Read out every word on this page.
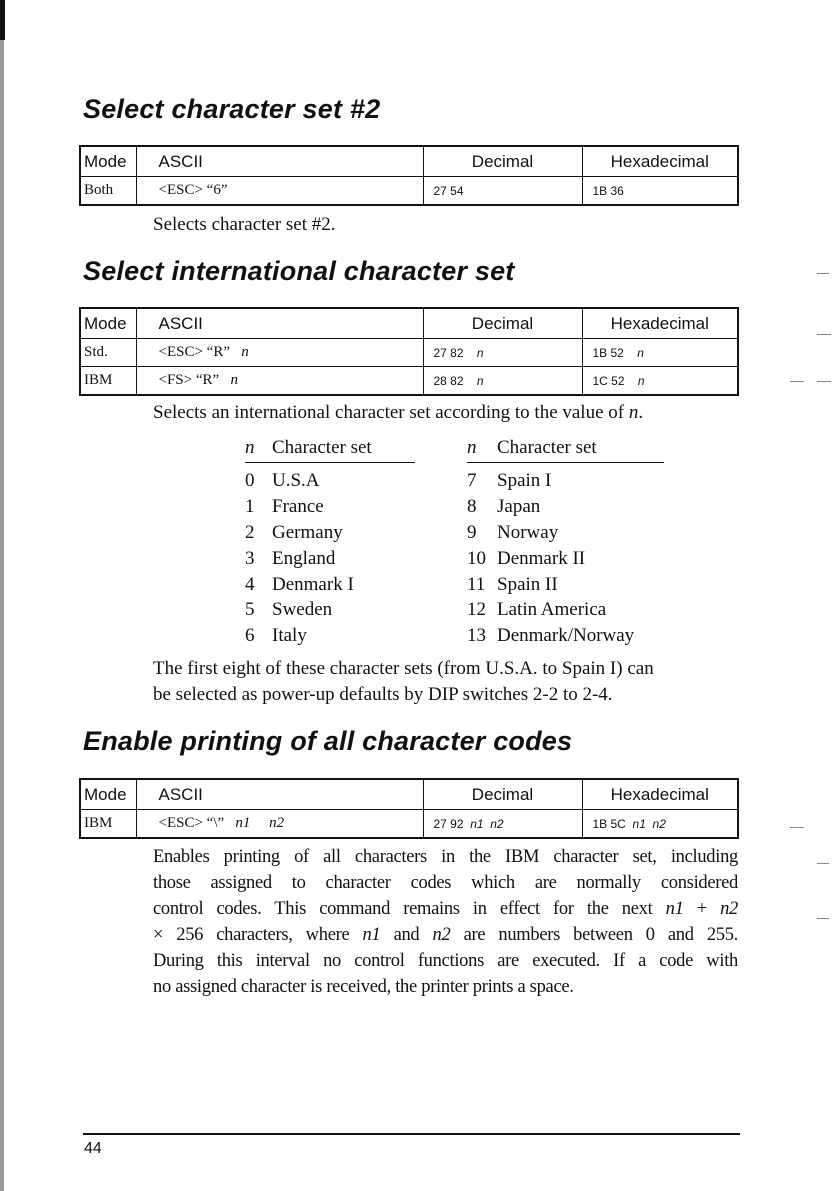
Select character set #2
Mode	ASCII	Decimal	Hexadecimal
Both	<ESC> “6”	27 54	1B 36
Selects character set #2.
Select international character set
Mode	ASCII	Decimal	Hexadecimal
Std.	<ESC> “R” n	27 82 n	1B 52 n
IBM	<FS> “R” n	28 82 n	1C 52 n
Selects an international character set according to the value of n.
n Character set
0 U.S.A
1 France
2 Germany
3 England
4 Denmark I
5 Sweden
6 Italy
n Character set
7 Spain I
8 Japan
9 Norway
10 Denmark II
11 Spain II
12 Latin America
13 Denmark/Norway
The first eight of these character sets (from U.S.A. to Spain I) can
be selected as power-up defaults by DIP switches 2-2 to 2-4.
Enable printing of all character codes
Mode	ASCII	Decimal	Hexadecimal
IBM	<ESC> “\” n1     n2	27 92 n1  n2	1B 5C n1  n2
Enables printing of all characters in the IBM character set, including
those assigned to character codes which are normally considered
control codes. This command remains in effect for the next n1 + n2
× 256 characters, where n1 and n2 are numbers between 0 and 255.
During this interval no control functions are executed. If a code with
no assigned character is received, the printer prints a space.
44
